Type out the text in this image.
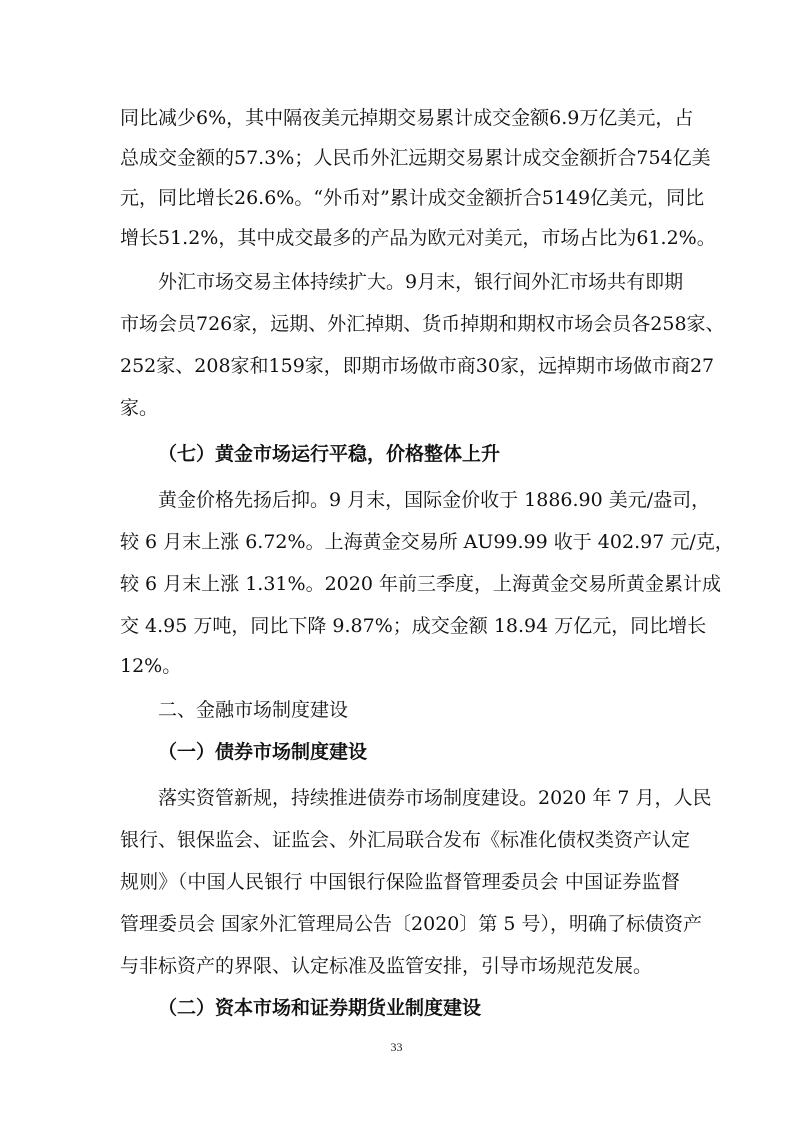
同比减少6%，其中隔夜美元掉期交易累计成交金额6.9万亿美元，占
总成交金额的57.3%；人民币外汇远期交易累计成交金额折合754亿美
元，同比增长26.6%。“外币对”累计成交金额折合5149亿美元，同比
增长51.2%，其中成交最多的产品为欧元对美元，市场占比为61.2%。
外汇市场交易主体持续扩大。9月末，银行间外汇市场共有即期
市场会员726家，远期、外汇掉期、货币掉期和期权市场会员各258家、
252家、208家和159家，即期市场做市商30家，远掉期市场做市商27
家。
（七）黄金市场运行平稳，价格整体上升
黄金价格先扬后抑。9 月末，国际金价收于 1886.90 美元/盎司，
较 6 月末上涨 6.72%。上海黄金交易所 AU99.99 收于 402.97 元/克，
较 6 月末上涨 1.31%。2020 年前三季度，上海黄金交易所黄金累计成
交 4.95 万吨，同比下降 9.87%；成交金额 18.94 万亿元，同比增长
12%。
二、金融市场制度建设
（一）债券市场制度建设
落实资管新规，持续推进债券市场制度建设。2020 年 7 月，人民
银行、银保监会、证监会、外汇局联合发布《标准化债权类资产认定
规则》（中国人民银行 中国银行保险监督管理委员会 中国证券监督
管理委员会 国家外汇管理局公告〔2020〕第 5 号），明确了标债资产
与非标资产的界限、认定标准及监管安排，引导市场规范发展。
（二）资本市场和证券期货业制度建设
33
